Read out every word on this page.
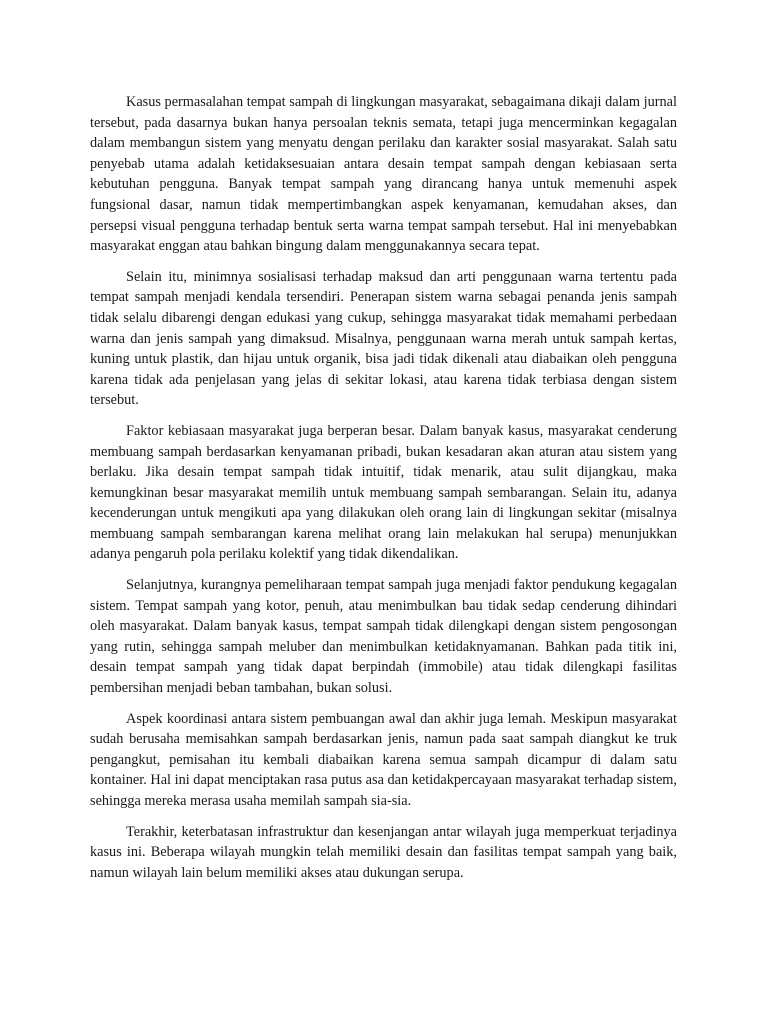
Kasus permasalahan tempat sampah di lingkungan masyarakat, sebagaimana dikaji dalam jurnal tersebut, pada dasarnya bukan hanya persoalan teknis semata, tetapi juga mencerminkan kegagalan dalam membangun sistem yang menyatu dengan perilaku dan karakter sosial masyarakat. Salah satu penyebab utama adalah ketidaksesuaian antara desain tempat sampah dengan kebiasaan serta kebutuhan pengguna. Banyak tempat sampah yang dirancang hanya untuk memenuhi aspek fungsional dasar, namun tidak mempertimbangkan aspek kenyamanan, kemudahan akses, dan persepsi visual pengguna terhadap bentuk serta warna tempat sampah tersebut. Hal ini menyebabkan masyarakat enggan atau bahkan bingung dalam menggunakannya secara tepat.

Selain itu, minimnya sosialisasi terhadap maksud dan arti penggunaan warna tertentu pada tempat sampah menjadi kendala tersendiri. Penerapan sistem warna sebagai penanda jenis sampah tidak selalu dibarengi dengan edukasi yang cukup, sehingga masyarakat tidak memahami perbedaan warna dan jenis sampah yang dimaksud. Misalnya, penggunaan warna merah untuk sampah kertas, kuning untuk plastik, dan hijau untuk organik, bisa jadi tidak dikenali atau diabaikan oleh pengguna karena tidak ada penjelasan yang jelas di sekitar lokasi, atau karena tidak terbiasa dengan sistem tersebut.

Faktor kebiasaan masyarakat juga berperan besar. Dalam banyak kasus, masyarakat cenderung membuang sampah berdasarkan kenyamanan pribadi, bukan kesadaran akan aturan atau sistem yang berlaku. Jika desain tempat sampah tidak intuitif, tidak menarik, atau sulit dijangkau, maka kemungkinan besar masyarakat memilih untuk membuang sampah sembarangan. Selain itu, adanya kecenderungan untuk mengikuti apa yang dilakukan oleh orang lain di lingkungan sekitar (misalnya membuang sampah sembarangan karena melihat orang lain melakukan hal serupa) menunjukkan adanya pengaruh pola perilaku kolektif yang tidak dikendalikan.

Selanjutnya, kurangnya pemeliharaan tempat sampah juga menjadi faktor pendukung kegagalan sistem. Tempat sampah yang kotor, penuh, atau menimbulkan bau tidak sedap cenderung dihindari oleh masyarakat. Dalam banyak kasus, tempat sampah tidak dilengkapi dengan sistem pengosongan yang rutin, sehingga sampah meluber dan menimbulkan ketidaknyamanan. Bahkan pada titik ini, desain tempat sampah yang tidak dapat berpindah (immobile) atau tidak dilengkapi fasilitas pembersihan menjadi beban tambahan, bukan solusi.

Aspek koordinasi antara sistem pembuangan awal dan akhir juga lemah. Meskipun masyarakat sudah berusaha memisahkan sampah berdasarkan jenis, namun pada saat sampah diangkut ke truk pengangkut, pemisahan itu kembali diabaikan karena semua sampah dicampur di dalam satu kontainer. Hal ini dapat menciptakan rasa putus asa dan ketidakpercayaan masyarakat terhadap sistem, sehingga mereka merasa usaha memilah sampah sia-sia.

Terakhir, keterbatasan infrastruktur dan kesenjangan antar wilayah juga memperkuat terjadinya kasus ini. Beberapa wilayah mungkin telah memiliki desain dan fasilitas tempat sampah yang baik, namun wilayah lain belum memiliki akses atau dukungan serupa.
